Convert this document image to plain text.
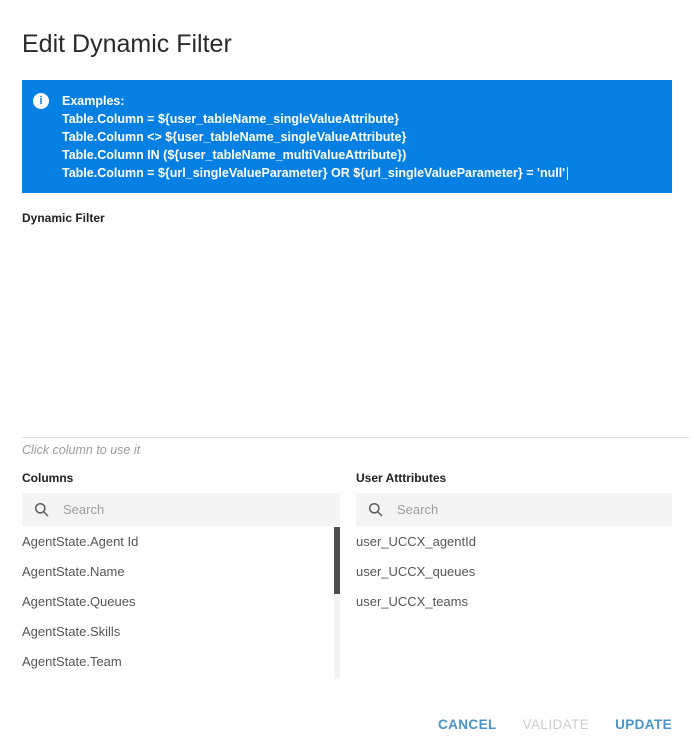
Edit Dynamic Filter
i	Examples:
Table.Column = ${user_tableName_singleValueAttribute}
Table.Column <> ${user_tableName_singleValueAttribute}
Table.Column IN (${user_tableName_multiValueAttribute})
Table.Column = ${url_singleValueParameter} OR ${url_singleValueParameter} = 'null'
Dynamic Filter
Click column to use it
Columns
Search
AgentState.Agent Id
AgentState.Name
AgentState.Queues
AgentState.Skills
AgentState.Team
User Atttributes
Search
user_UCCX_agentId
user_UCCX_queues
user_UCCX_teams
CANCEL VALIDATE UPDATE
